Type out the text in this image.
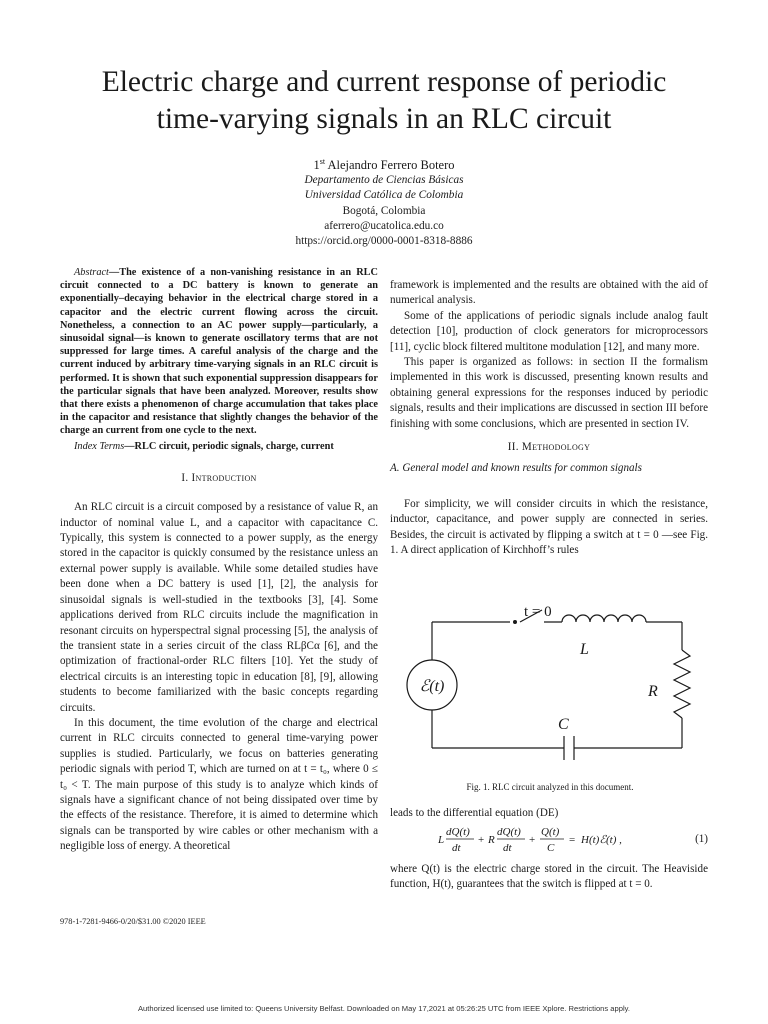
Electric charge and current response of periodic
time-varying signals in an RLC circuit
1st Alejandro Ferrero Botero
Departamento de Ciencias Básicas
Universidad Católica de Colombia
Bogotá, Colombia
aferrero@ucatolica.edu.co
https://orcid.org/0000-0001-8318-8886

Abstract—The existence of a non-vanishing resistance in an RLC circuit connected to a DC battery is known to generate an exponentially–decaying behavior in the electrical charge stored in a capacitor and the electric current flowing across the circuit. Nonetheless, a connection to an AC power supply—particularly, a sinusoidal signal—is known to generate oscillatory terms that are not suppressed for large times. A careful analysis of the charge and the current induced by arbitrary time-varying signals in an RLC circuit is performed. It is shown that such exponential suppression disappears for the particular signals that have been analyzed. Moreover, results show that there exists a phenomenon of charge accumulation that takes place in the capacitor and resistance that slightly changes the behavior of the charge an current from one cycle to the next.

Index Terms—RLC circuit, periodic signals, charge, current

I. Introduction

An RLC circuit is a circuit composed by a resistance of value R, an inductor of nominal value L, and a capacitor with capacitance C. Typically, this system is connected to a power supply, as the energy stored in the capacitor is quickly consumed by the resistance unless an external power supply is available. While some detailed studies have been done when a DC battery is used [1], [2], the analysis for sinusoidal signals is well-studied in the textbooks [3], [4]. Some applications derived from RLC circuits include the magnification in resonant circuits on hyperspectral signal processing [5], the analysis of the transient state in a series circuit of the class RLβCα [6], and the optimization of fractional-order RLC filters [10]. Yet the study of electrical circuits is an interesting topic in education [8], [9], allowing students to become familiarized with the basic concepts regarding circuits.

In this document, the time evolution of the charge and electrical current in RLC circuits connected to general time-varying power supplies is studied. Particularly, we focus on batteries generating periodic signals with period T, which are turned on at t = t₀, where 0 ≤ t₀ < T. The main purpose of this study is to analyze which kinds of signals have a significant chance of not being dissipated over time by the effects of the resistance. Therefore, it is aimed to determine which signals can be transported by wire cables or other mechanism with a negligible loss of energy. A theoretical

framework is implemented and the results are obtained with the aid of numerical analysis.

Some of the applications of periodic signals include analog fault detection [10], production of clock generators for microprocessors [11], cyclic block filtered multitone modulation [12], and many more.

This paper is organized as follows: in section II the formalism implemented in this work is discussed, presenting known results and obtaining general expressions for the responses induced by periodic signals, results and their implications are discussed in section III before finishing with some conclusions, which are presented in section IV.

II. Methodology

A. General model and known results for common signals

For simplicity, we will consider circuits in which the resistance, inductor, capacitance, and power supply are connected in series. Besides, the circuit is activated by flipping a switch at t = 0 —see Fig. 1. A direct application of Kirchhoff’s rules

t = 0
L
R
C
ℰ(t)
Fig. 1. RLC circuit analyzed in this document.
leads to the differential equation (DE)
L
dQ(t)
dt
+ R
dQ(t)
dt
+
Q(t)
C
= H(t)ℰ(t) ,	(1)
where Q(t) is the electric charge stored in the circuit. The Heaviside function, H(t), guarantees that the switch is flipped at t = 0.
978-1-7281-9466-0/20/$31.00 ©2020 IEEE
Authorized licensed use limited to: Queens University Belfast. Downloaded on May 17,2021 at 05:26:25 UTC from IEEE Xplore. Restrictions apply.
